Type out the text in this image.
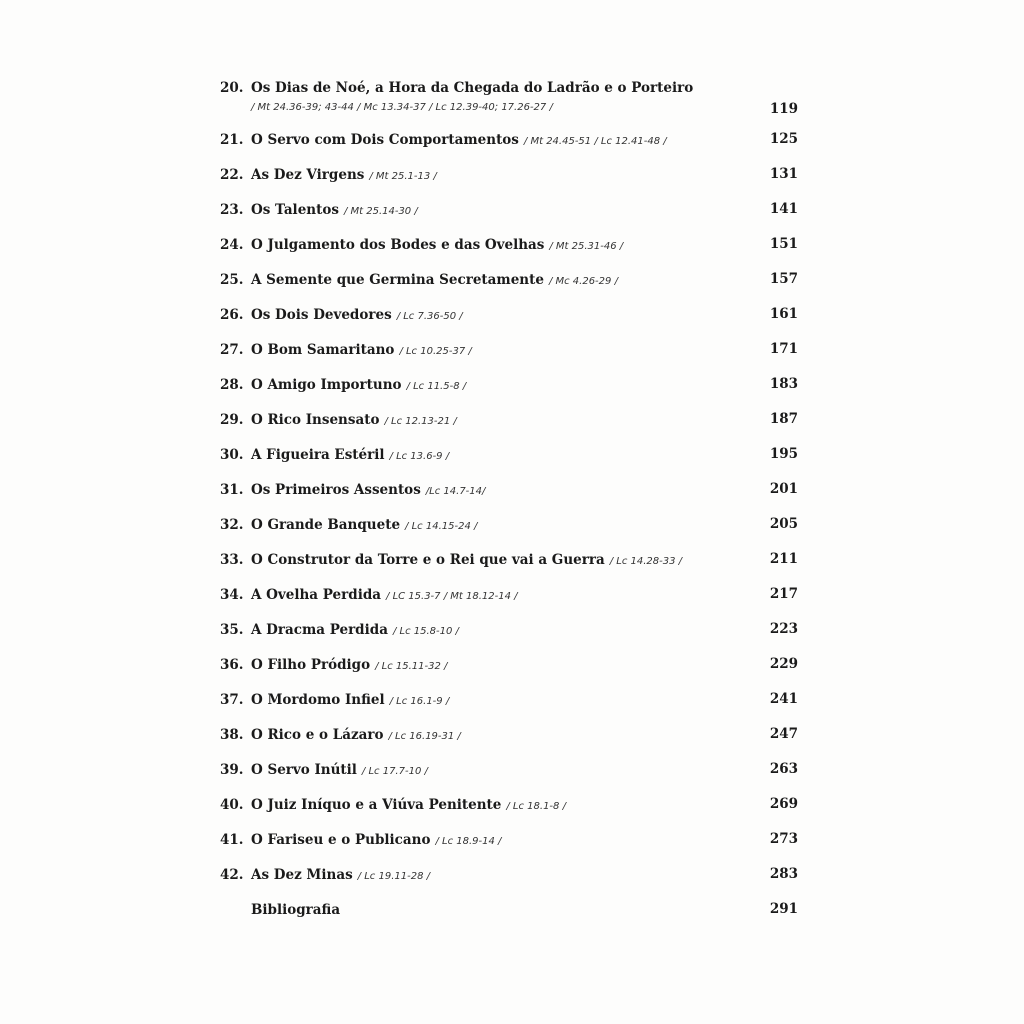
20. Os Dias de Noé, a Hora da Chegada do Ladrão e o Porteiro
/ Mt 24.36-39; 43-44 / Mc 13.34-37 / Lc 12.39-40; 17.26-27 /	119
21. O Servo com Dois Comportamentos / Mt 24.45-51 / Lc 12.41-48 /	125
22. As Dez Virgens / Mt 25.1-13 /	131
23. Os Talentos / Mt 25.14-30 /	141
24. O Julgamento dos Bodes e das Ovelhas / Mt 25.31-46 /	151
25. A Semente que Germina Secretamente / Mc 4.26-29 /	157
26. Os Dois Devedores / Lc 7.36-50 /	161
27. O Bom Samaritano / Lc 10.25-37 /	171
28. O Amigo Importuno / Lc 11.5-8 /	183
29. O Rico Insensato / Lc 12.13-21 /	187
30. A Figueira Estéril / Lc 13.6-9 /	195
31. Os Primeiros Assentos /Lc 14.7-14/	201
32. O Grande Banquete / Lc 14.15-24 /	205
33. O Construtor da Torre e o Rei que vai a Guerra / Lc 14.28-33 /	211
34. A Ovelha Perdida / LC 15.3-7 / Mt 18.12-14 /	217
35. A Dracma Perdida / Lc 15.8-10 /	223
36. O Filho Pródigo / Lc 15.11-32 /	229
37. O Mordomo Infiel / Lc 16.1-9 /	241
38. O Rico e o Lázaro / Lc 16.19-31 /	247
39. O Servo Inútil / Lc 17.7-10 /	263
40. O Juiz Iníquo e a Viúva Penitente / Lc 18.1-8 /	269
41. O Fariseu e o Publicano / Lc 18.9-14 /	273
42. As Dez Minas / Lc 19.11-28 /	283
Bibliografia	291
